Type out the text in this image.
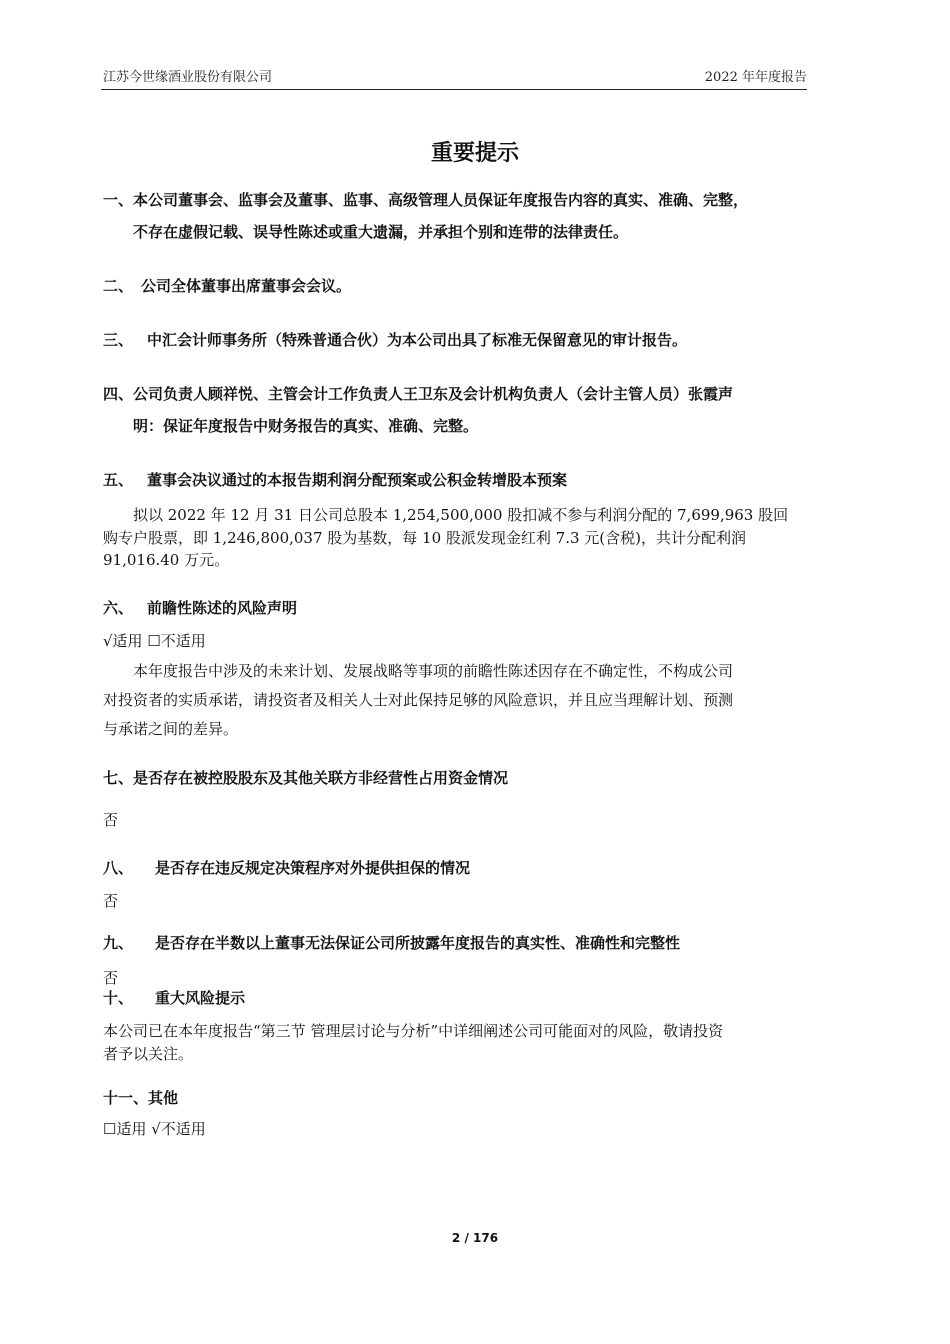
江苏今世缘酒业股份有限公司	2022 年年度报告
重要提示
一、本公司董事会、监事会及董事、监事、高级管理人员保证年度报告内容的真实、准确、完整，
不存在虚假记载、误导性陈述或重大遗漏，并承担个别和连带的法律责任。
二、 公司全体董事出席董事会会议。
三、 中汇会计师事务所（特殊普通合伙）为本公司出具了标准无保留意见的审计报告。
四、公司负责人顾祥悦、主管会计工作负责人王卫东及会计机构负责人（会计主管人员）张霞声
明：保证年度报告中财务报告的真实、准确、完整。
五、 董事会决议通过的本报告期利润分配预案或公积金转增股本预案
拟以 2022 年 12 月 31 日公司总股本 1,254,500,000 股扣减不参与利润分配的 7,699,963 股回
购专户股票，即 1,246,800,037 股为基数，每 10 股派发现金红利 7.3 元(含税)，共计分配利润
91,016.40 万元。
六、 前瞻性陈述的风险声明
√适用 ☐不适用
本年度报告中涉及的未来计划、发展战略等事项的前瞻性陈述因存在不确定性，不构成公司
对投资者的实质承诺，请投资者及相关人士对此保持足够的风险意识，并且应当理解计划、预测
与承诺之间的差异。
七、是否存在被控股股东及其他关联方非经营性占用资金情况
否
八、 是否存在违反规定决策程序对外提供担保的情况
否
九、 是否存在半数以上董事无法保证公司所披露年度报告的真实性、准确性和完整性
否
十、 重大风险提示
本公司已在本年度报告“第三节 管理层讨论与分析”中详细阐述公司可能面对的风险，敬请投资
者予以关注。
十一、其他
☐适用 √不适用
2 / 176
